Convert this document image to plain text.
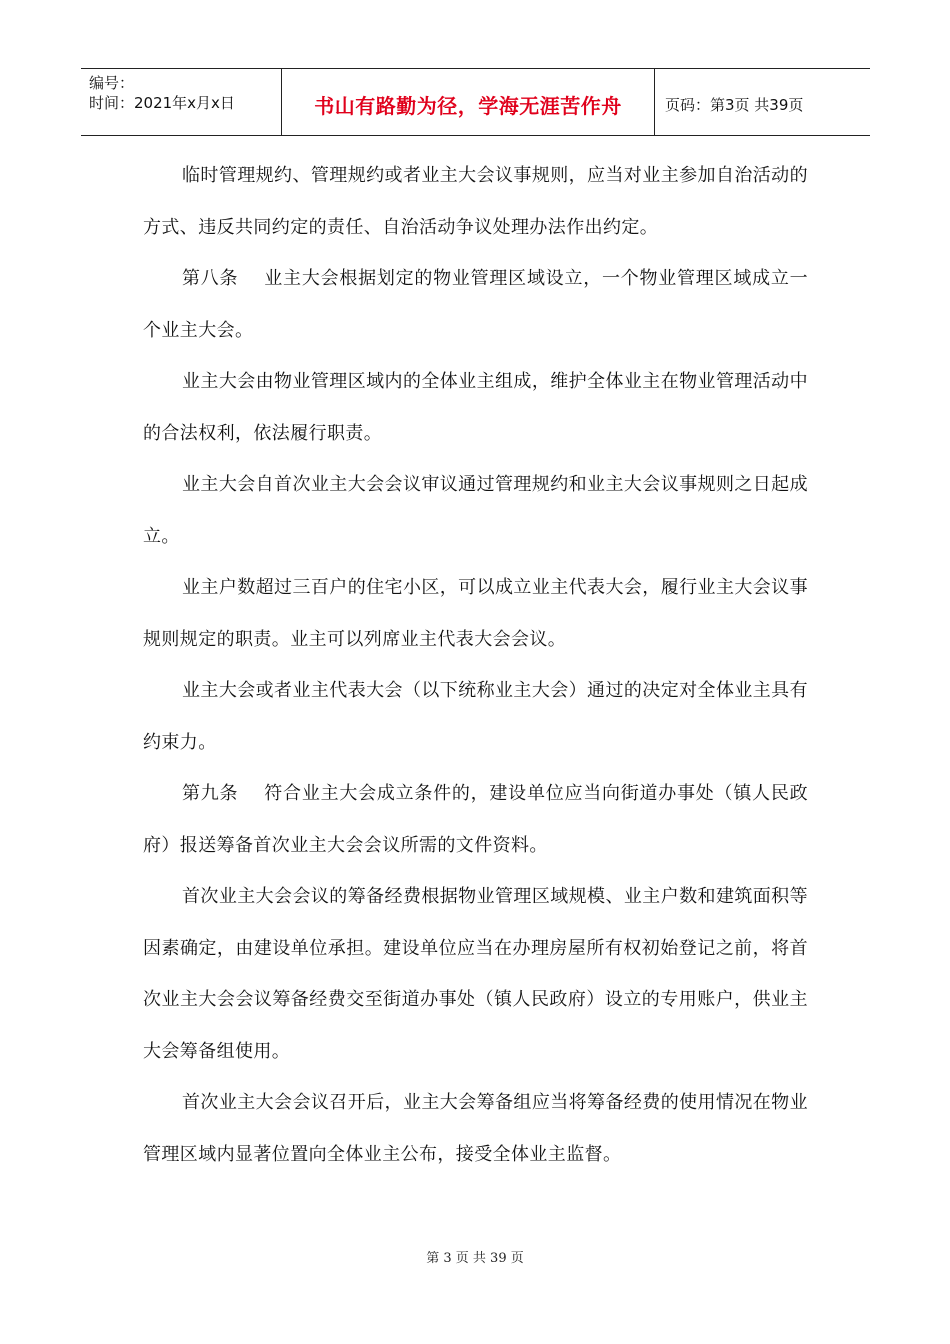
编号：
时间：2021年x月x日	书山有路勤为径，学海无涯苦作舟	页码：第3页 共39页

临时管理规约、管理规约或者业主大会议事规则，应当对业主参加自治活动的方式、违反共同约定的责任、自治活动争议处理办法作出约定。

第八条 业主大会根据划定的物业管理区域设立，一个物业管理区域成立一个业主大会。

业主大会由物业管理区域内的全体业主组成，维护全体业主在物业管理活动中的合法权利，依法履行职责。

业主大会自首次业主大会会议审议通过管理规约和业主大会议事规则之日起成立。

业主户数超过三百户的住宅小区，可以成立业主代表大会，履行业主大会议事规则规定的职责。业主可以列席业主代表大会会议。

业主大会或者业主代表大会（以下统称业主大会）通过的决定对全体业主具有约束力。

第九条 符合业主大会成立条件的，建设单位应当向街道办事处（镇人民政府）报送筹备首次业主大会会议所需的文件资料。

首次业主大会会议的筹备经费根据物业管理区域规模、业主户数和建筑面积等因素确定，由建设单位承担。建设单位应当在办理房屋所有权初始登记之前，将首次业主大会会议筹备经费交至街道办事处（镇人民政府）设立的专用账户，供业主大会筹备组使用。

首次业主大会会议召开后，业主大会筹备组应当将筹备经费的使用情况在物业管理区域内显著位置向全体业主公布，接受全体业主监督。

第 3 页 共 39 页
